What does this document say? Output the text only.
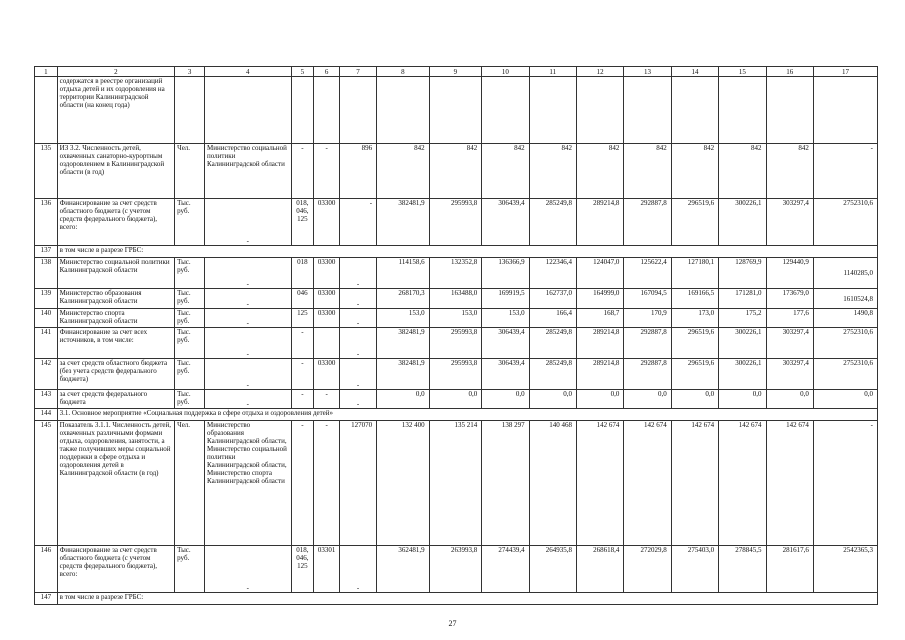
1	2	3	4	5	6	7	8	9	10	11	12	13	14	15	16	17
	содержатся в реестре организаций отдыха детей и их оздоровления на территории Калининградской области (на конец года)															
135	ИЗ 3.2. Численность детей, охваченных санаторно-курортным оздоровлением в Калининградской области (в год)	Чел.	Министерство социальной политики Калининградской области	-	-	896	842	842	842	842	842	842	842	842	842	-
136	Финансирование за счет средств областного бюджета (с учетом средств федерального бюджета), всего:	Тыс. руб.	-	018, 046, 125	03300	-	382481,9	295993,8	306439,4	285249,8	289214,8	292887,8	296519,6	300226,1	303297,4	2752310,6
137	в том числе в разрезе ГРБС:															
138	Министерство социальной политики Калининградской области	Тыс. руб.	-	018	03300	-	114158,6	132352,8	136366,9	122346,4	124047,0	125622,4	127180,1	128769,9	129440,9	1140285,0
139	Министерство образования Калининградской области	Тыс. руб.	-	046	03300	-	268170,3	163488,0	169919,5	162737,0	164999,0	167094,5	169166,5	171281,0	173679,0	1610524,8
140	Министерство спорта Калининградской области	Тыс. руб.	-	125	03300	-	153,0	153,0	153,0	166,4	168,7	170,9	173,0	175,2	177,6	1490,8
141	Финансирование за счет всех источников, в том числе:	Тыс. руб.	-	-		-	382481,9	295993,8	306439,4	285249,8	289214,8	292887,8	296519,6	300226,1	303297,4	2752310,6
142	за счет средств областного бюджета (без учета средств федерального бюджета)	Тыс. руб.	-	-	03300	-	382481,9	295993,8	306439,4	285249,8	289214,8	292887,8	296519,6	300226,1	303297,4	2752310,6
143	за счет средств федерального бюджета	Тыс. руб.	-	-	-	-	0,0	0,0	0,0	0,0	0,0	0,0	0,0	0,0	0,0	0,0
144	3.1. Основное мероприятие «Социальная поддержка в сфере отдыха и оздоровления детей»															
145	Показатель 3.1.1. Численность детей, охваченных различными формами отдыха, оздоровления, занятости, а также получивших меры социальной поддержки в сфере отдыха и оздоровления детей в Калининградской области (в год)	Чел.	Министерство образования Калининградской области, Министерство социальной политики Калининградской области, Министерство спорта Калининградской области	-	-	127070	132 400	135 214	138 297	140 468	142 674	142 674	142 674	142 674	142 674	-
146	Финансирование за счет средств областного бюджета (с учетом средств федерального бюджета), всего:	Тыс. руб.	-	018, 046, 125	03301	-	362481,9	263993,8	274439,4	264935,8	268618,4	272029,8	275403,0	278845,5	281617,6	2542365,3
147	в том числе в разрезе ГРБС:															
27
